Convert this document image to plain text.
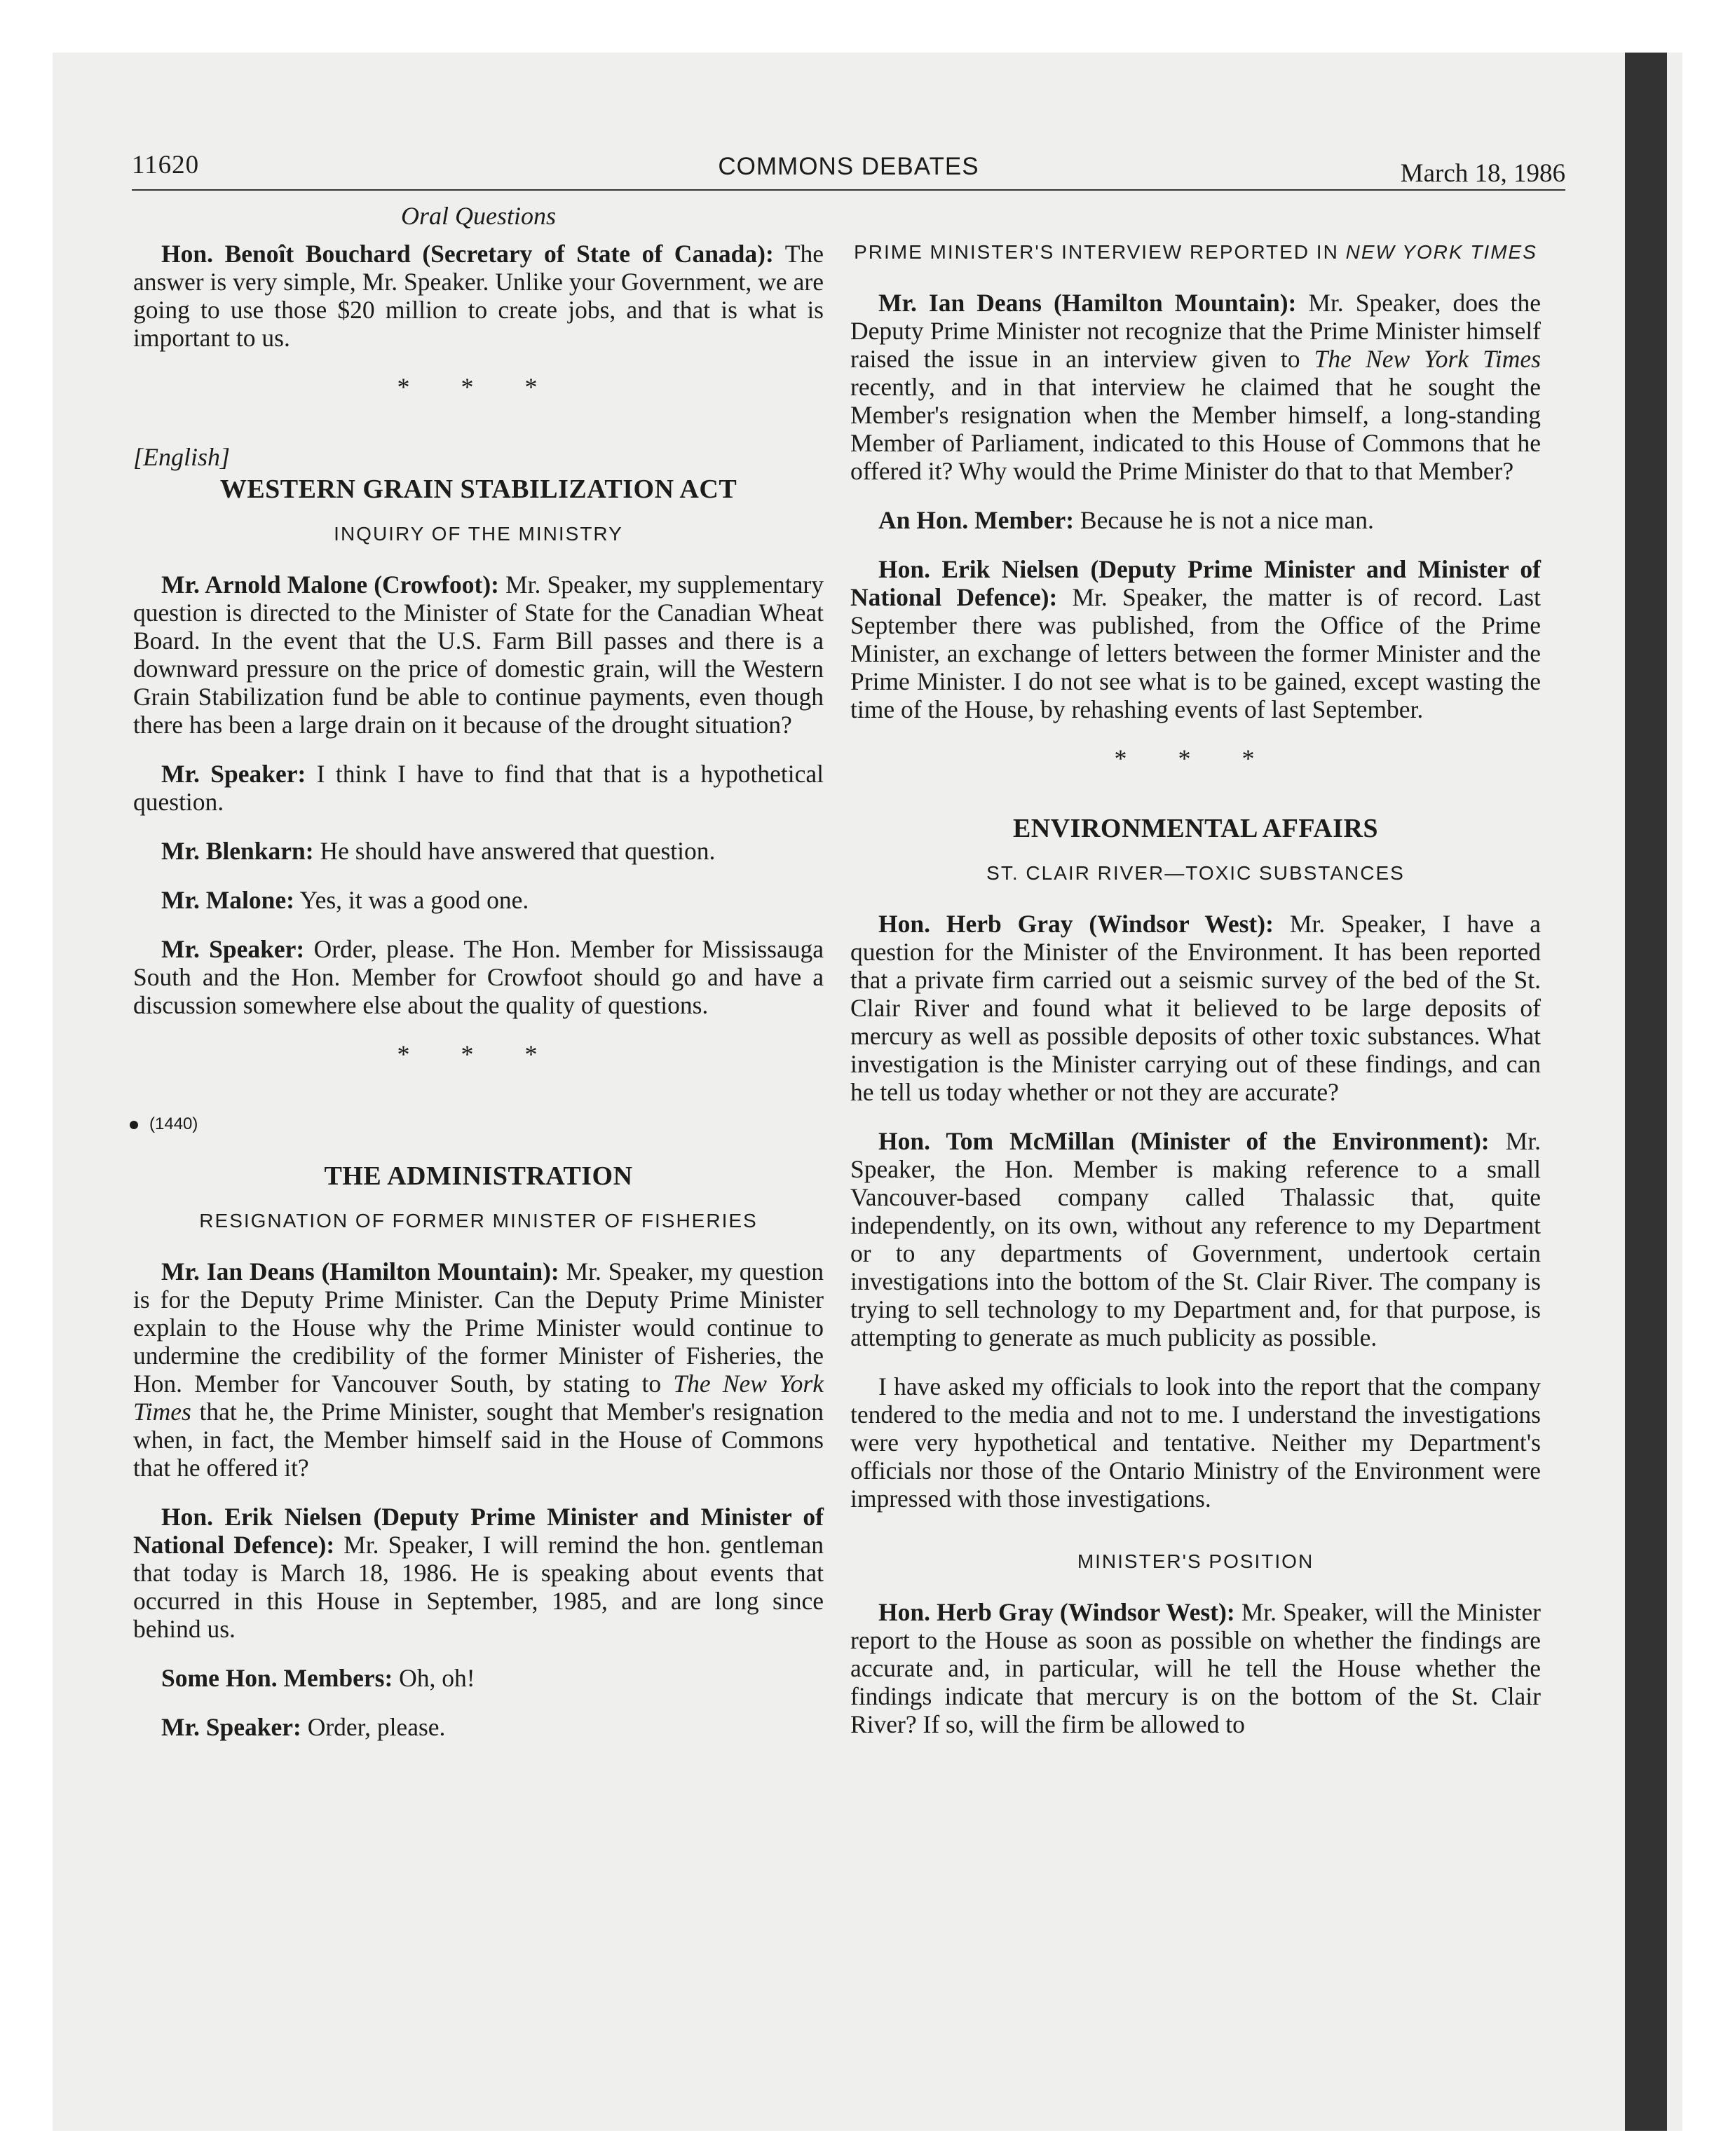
11620	COMMONS DEBATES	March 18, 1986
Oral Questions

Hon. Benoît Bouchard (Secretary of State of Canada): The answer is very simple, Mr. Speaker. Unlike your Government, we are going to use those $20 million to create jobs, and that is what is important to us.

* * *
[English]
WESTERN GRAIN STABILIZATION ACT
INQUIRY OF THE MINISTRY

Mr. Arnold Malone (Crowfoot): Mr. Speaker, my supplementary question is directed to the Minister of State for the Canadian Wheat Board. In the event that the U.S. Farm Bill passes and there is a downward pressure on the price of domestic grain, will the Western Grain Stabilization fund be able to continue payments, even though there has been a large drain on it because of the drought situation?

Mr. Speaker: I think I have to find that that is a hypothetical question.

Mr. Blenkarn: He should have answered that question.

Mr. Malone: Yes, it was a good one.

Mr. Speaker: Order, please. The Hon. Member for Mississauga South and the Hon. Member for Crowfoot should go and have a discussion somewhere else about the quality of questions.

* * *
(1440)
THE ADMINISTRATION
RESIGNATION OF FORMER MINISTER OF FISHERIES

Mr. Ian Deans (Hamilton Mountain): Mr. Speaker, my question is for the Deputy Prime Minister. Can the Deputy Prime Minister explain to the House why the Prime Minister would continue to undermine the credibility of the former Minister of Fisheries, the Hon. Member for Vancouver South, by stating to The New York Times that he, the Prime Minister, sought that Member's resignation when, in fact, the Member himself said in the House of Commons that he offered it?

Hon. Erik Nielsen (Deputy Prime Minister and Minister of National Defence): Mr. Speaker, I will remind the hon. gentleman that today is March 18, 1986. He is speaking about events that occurred in this House in September, 1985, and are long since behind us.

Some Hon. Members: Oh, oh!

Mr. Speaker: Order, please.

PRIME MINISTER'S INTERVIEW REPORTED IN NEW YORK TIMES

Mr. Ian Deans (Hamilton Mountain): Mr. Speaker, does the Deputy Prime Minister not recognize that the Prime Minister himself raised the issue in an interview given to The New York Times recently, and in that interview he claimed that he sought the Member's resignation when the Member himself, a long-standing Member of Parliament, indicated to this House of Commons that he offered it? Why would the Prime Minister do that to that Member?

An Hon. Member: Because he is not a nice man.

Hon. Erik Nielsen (Deputy Prime Minister and Minister of National Defence): Mr. Speaker, the matter is of record. Last September there was published, from the Office of the Prime Minister, an exchange of letters between the former Minister and the Prime Minister. I do not see what is to be gained, except wasting the time of the House, by rehashing events of last September.

* * *
ENVIRONMENTAL AFFAIRS
ST. CLAIR RIVER—TOXIC SUBSTANCES

Hon. Herb Gray (Windsor West): Mr. Speaker, I have a question for the Minister of the Environment. It has been reported that a private firm carried out a seismic survey of the bed of the St. Clair River and found what it believed to be large deposits of mercury as well as possible deposits of other toxic substances. What investigation is the Minister carrying out of these findings, and can he tell us today whether or not they are accurate?

Hon. Tom McMillan (Minister of the Environment): Mr. Speaker, the Hon. Member is making reference to a small Vancouver-based company called Thalassic that, quite independently, on its own, without any reference to my Department or to any departments of Government, undertook certain investigations into the bottom of the St. Clair River. The company is trying to sell technology to my Department and, for that purpose, is attempting to generate as much publicity as possible.

I have asked my officials to look into the report that the company tendered to the media and not to me. I understand the investigations were very hypothetical and tentative. Neither my Department's officials nor those of the Ontario Ministry of the Environment were impressed with those investigations.

MINISTER'S POSITION

Hon. Herb Gray (Windsor West): Mr. Speaker, will the Minister report to the House as soon as possible on whether the findings are accurate and, in particular, will he tell the House whether the findings indicate that mercury is on the bottom of the St. Clair River? If so, will the firm be allowed to
